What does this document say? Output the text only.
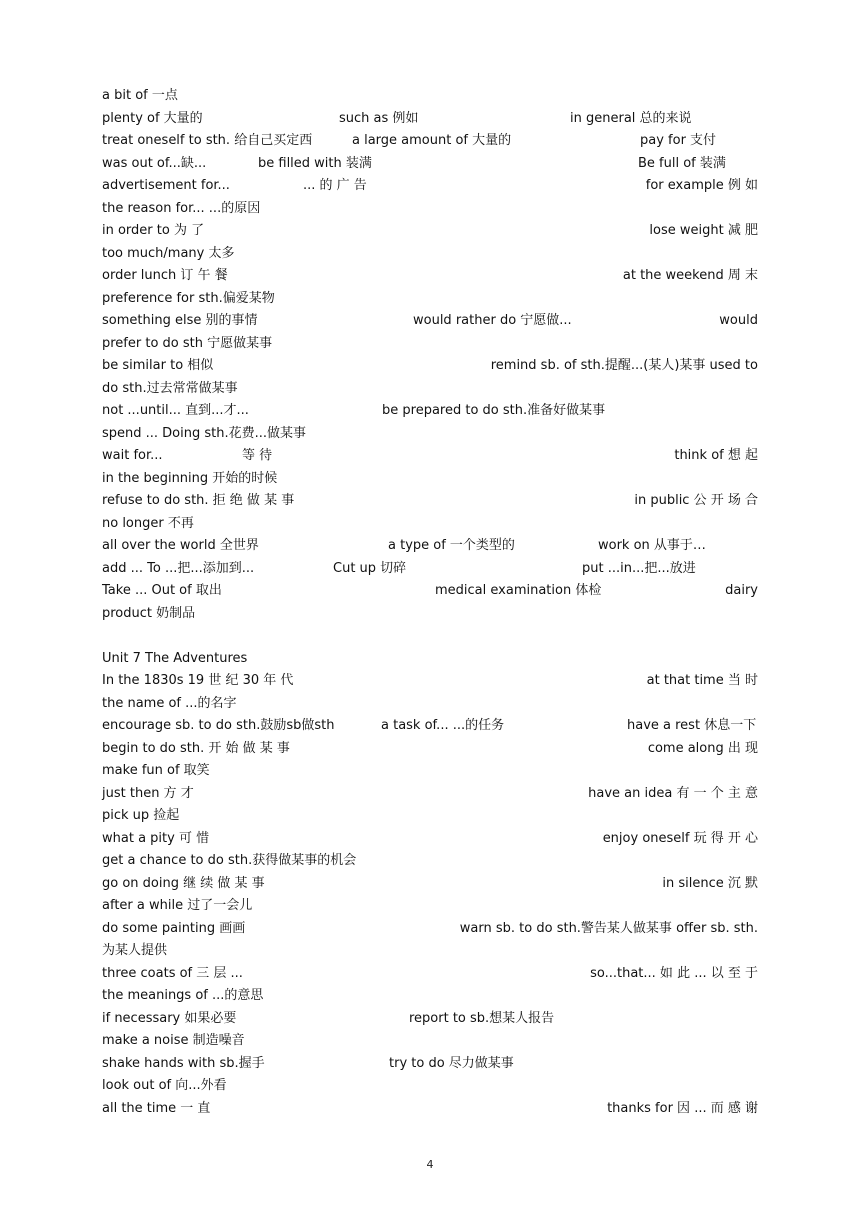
a bit of 一点
plenty of 大量的	such as 例如	in general 总的来说
treat oneself to sth. 给自己买定西	a large amount of 大量的	pay for 支付
was out of...缺...	be filled with 装满	Be full of 装满
advertisement for...	... 的 广 告	for example 例 如
the reason for... ...的原因
in order to 为 了	lose weight 减 肥
too much/many 太多
order lunch 订 午 餐	at the weekend 周 末
preference for sth.偏爱某物
something else 别的事情	would rather do 宁愿做...	would
prefer to do sth 宁愿做某事
be similar to 相似	remind sb. of sth.提醒...(某人)某事 used to
do sth.过去常常做某事
not ...until... 直到...才...	be prepared to do sth.准备好做某事
spend ... Doing sth.花费...做某事
wait for...	等 待	think of 想 起
in the beginning 开始的时候
refuse to do sth. 拒 绝 做 某 事	in public 公 开 场 合
no longer 不再
all over the world 全世界	a type of 一个类型的	work on 从事于…
add ... To ...把...添加到...	Cut up 切碎	put ...in...把...放进
Take ... Out of 取出	medical examination 体检	dairy
product 奶制品
Unit 7 The Adventures
In the 1830s 19 世 纪 30 年 代	at that time 当 时
the name of ...的名字
encourage sb. to do sth.鼓励sb做sth	a task of... ...的任务	have a rest 休息一下
begin to do sth. 开 始 做 某 事	come along 出 现
make fun of 取笑
just then 方 才	have an idea 有 一 个 主 意
pick up 捡起
what a pity 可 惜	enjoy oneself 玩 得 开 心
get a chance to do sth.获得做某事的机会
go on doing 继 续 做 某 事	in silence 沉 默
after a while 过了一会儿
do some painting 画画	warn sb. to do sth.警告某人做某事 offer sb. sth.
为某人提供
three coats of 三 层 ...	so...that... 如 此 ... 以 至 于
the meanings of ...的意思
if necessary 如果必要	report to sb.想某人报告
make a noise 制造噪音
shake hands with sb.握手	try to do 尽力做某事
look out of 向...外看
all the time 一 直	thanks for 因 ... 而 感 谢
4
